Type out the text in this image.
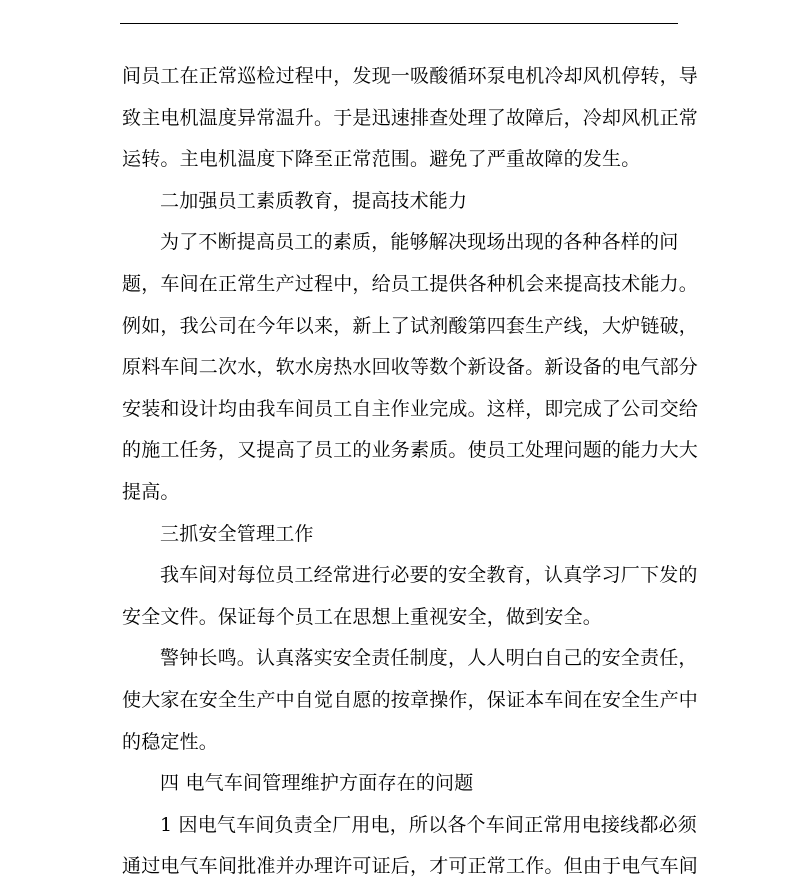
间员工在正常巡检过程中，发现一吸酸循环泵电机冷却风机停转，导
致主电机温度异常温升。于是迅速排查处理了故障后，冷却风机正常
运转。主电机温度下降至正常范围。避免了严重故障的发生。
二加强员工素质教育，提高技术能力
为了不断提高员工的素质，能够解决现场出现的各种各样的问
题，车间在正常生产过程中，给员工提供各种机会来提高技术能力。
例如，我公司在今年以来，新上了试剂酸第四套生产线，大炉链破，
原料车间二次水，软水房热水回收等数个新设备。新设备的电气部分
安装和设计均由我车间员工自主作业完成。这样，即完成了公司交给
的施工任务，又提高了员工的业务素质。使员工处理问题的能力大大
提高。
三抓安全管理工作
我车间对每位员工经常进行必要的安全教育，认真学习厂下发的
安全文件。保证每个员工在思想上重视安全，做到安全。
警钟长鸣。认真落实安全责任制度，人人明白自己的安全责任，
使大家在安全生产中自觉自愿的按章操作，保证本车间在安全生产中
的稳定性。
四 电气车间管理维护方面存在的问题
1 因电气车间负责全厂用电，所以各个车间正常用电接线都必须
通过电气车间批准并办理许可证后，才可正常工作。但由于电气车间
